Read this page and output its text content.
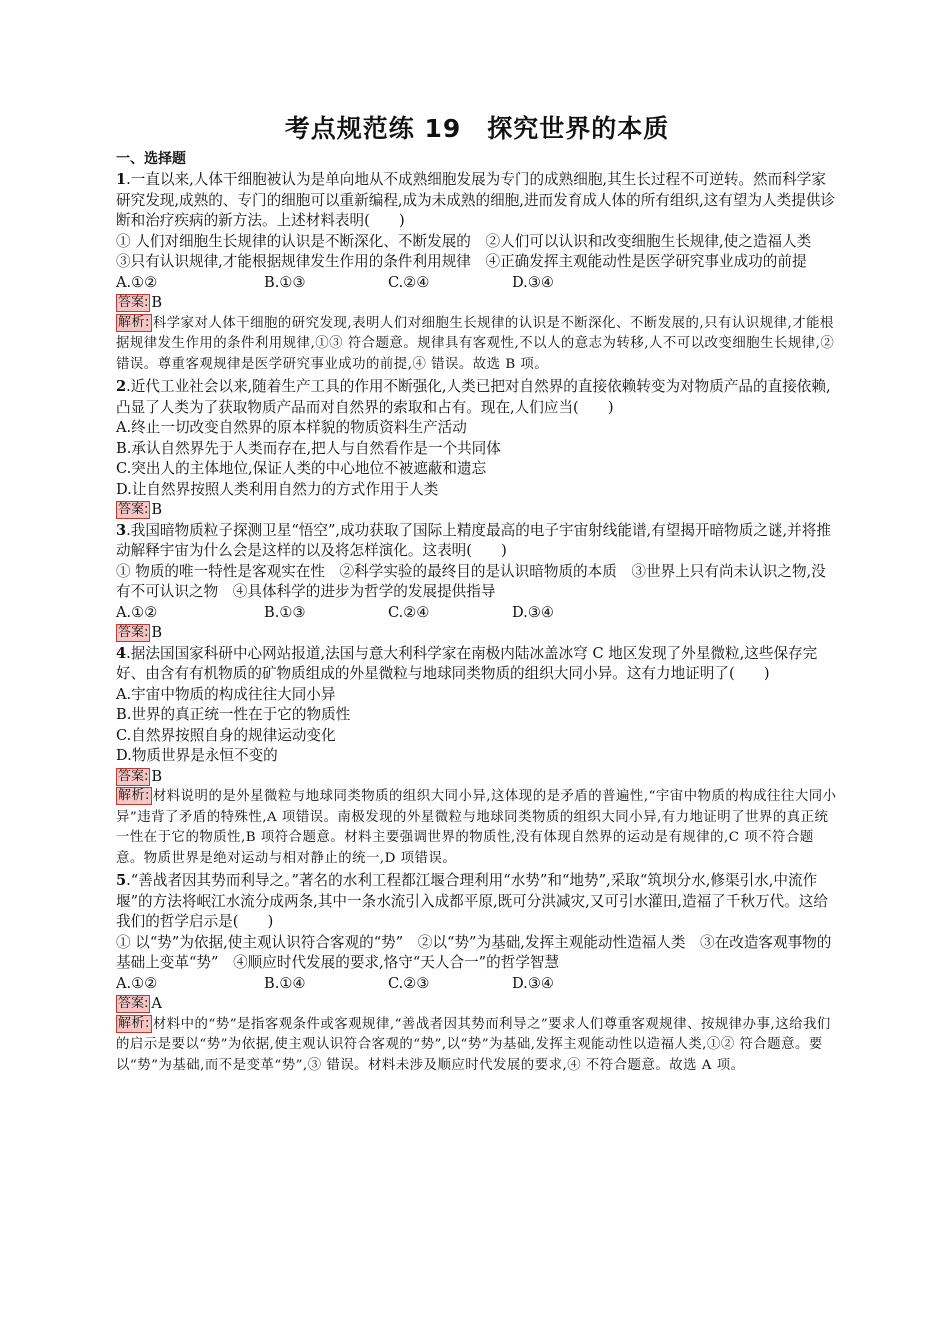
考点规范练 19　探究世界的本质
一、选择题

1.一直以来,人体干细胞被认为是单向地从不成熟细胞发展为专门的成熟细胞,其生长过程不可逆转。然而科学家研究发现,成熟的、专门的细胞可以重新编程,成为未成熟的细胞,进而发育成人体的所有组织,这有望为人类提供诊断和治疗疾病的新方法。上述材料表明(　　)

① 人们对细胞生长规律的认识是不断深化、不断发展的　②人们可以认识和改变细胞生长规律,使之造福人类　③只有认识规律,才能根据规律发生作用的条件利用规律　④正确发挥主观能动性是医学研究事业成功的前提

A.①②	B.①③	C.②④	D.③④

答案: B

解析: 科学家对人体干细胞的研究发现,表明人们对细胞生长规律的认识是不断深化、不断发展的,只有认识规律,才能根据规律发生作用的条件利用规律,①③ 符合题意。规律具有客观性,不以人的意志为转移,人不可以改变细胞生长规律,② 错误。尊重客观规律是医学研究事业成功的前提,④ 错误。故选 B 项。

2.近代工业社会以来,随着生产工具的作用不断强化,人类已把对自然界的直接依赖转变为对物质产品的直接依赖,凸显了人类为了获取物质产品而对自然界的索取和占有。现在,人们应当(　　)

A.终止一切改变自然界的原本样貌的物质资料生产活动

B.承认自然界先于人类而存在,把人与自然看作是一个共同体

C.突出人的主体地位,保证人类的中心地位不被遮蔽和遗忘

D.让自然界按照人类利用自然力的方式作用于人类

答案: B

3.我国暗物质粒子探测卫星“悟空”,成功获取了国际上精度最高的电子宇宙射线能谱,有望揭开暗物质之谜,并将推动解释宇宙为什么会是这样的以及将怎样演化。这表明(　　)

① 物质的唯一特性是客观实在性　②科学实验的最终目的是认识暗物质的本质　③世界上只有尚未认识之物,没有不可认识之物　④具体科学的进步为哲学的发展提供指导

A.①②	B.①③	C.②④	D.③④

答案: B

4.据法国国家科研中心网站报道,法国与意大利科学家在南极内陆冰盖冰穹 C 地区发现了外星微粒,这些保存完好、由含有有机物质的矿物质组成的外星微粒与地球同类物质的组织大同小异。这有力地证明了(　　)

A.宇宙中物质的构成往往大同小异

B.世界的真正统一性在于它的物质性

C.自然界按照自身的规律运动变化

D.物质世界是永恒不变的

答案: B

解析: 材料说明的是外星微粒与地球同类物质的组织大同小异,这体现的是矛盾的普遍性,“宇宙中物质的构成往往大同小异”违背了矛盾的特殊性,A 项错误。南极发现的外星微粒与地球同类物质的组织大同小异,有力地证明了世界的真正统一性在于它的物质性,B 项符合题意。材料主要强调世界的物质性,没有体现自然界的运动是有规律的,C 项不符合题意。物质世界是绝对运动与相对静止的统一,D 项错误。

5.“善战者因其势而利导之。”著名的水利工程都江堰合理利用“水势”和“地势”,采取“筑坝分水,修渠引水,中流作堰”的方法将岷江水流分成两条,其中一条水流引入成都平原,既可分洪减灾,又可引水灌田,造福了千秋万代。这给我们的哲学启示是(　　)

① 以“势”为依据,使主观认识符合客观的“势”　②以“势”为基础,发挥主观能动性造福人类　③在改造客观事物的基础上变革“势”　④顺应时代发展的要求,恪守“天人合一”的哲学智慧

A.①②	B.①④	C.②③	D.③④

答案: A

解析: 材料中的“势”是指客观条件或客观规律,“善战者因其势而利导之”要求人们尊重客观规律、按规律办事,这给我们的启示是要以“势”为依据,使主观认识符合客观的“势”,以“势”为基础,发挥主观能动性以造福人类,①② 符合题意。要以“势”为基础,而不是变革“势”,③ 错误。材料未涉及顺应时代发展的要求,④ 不符合题意。故选 A 项。
